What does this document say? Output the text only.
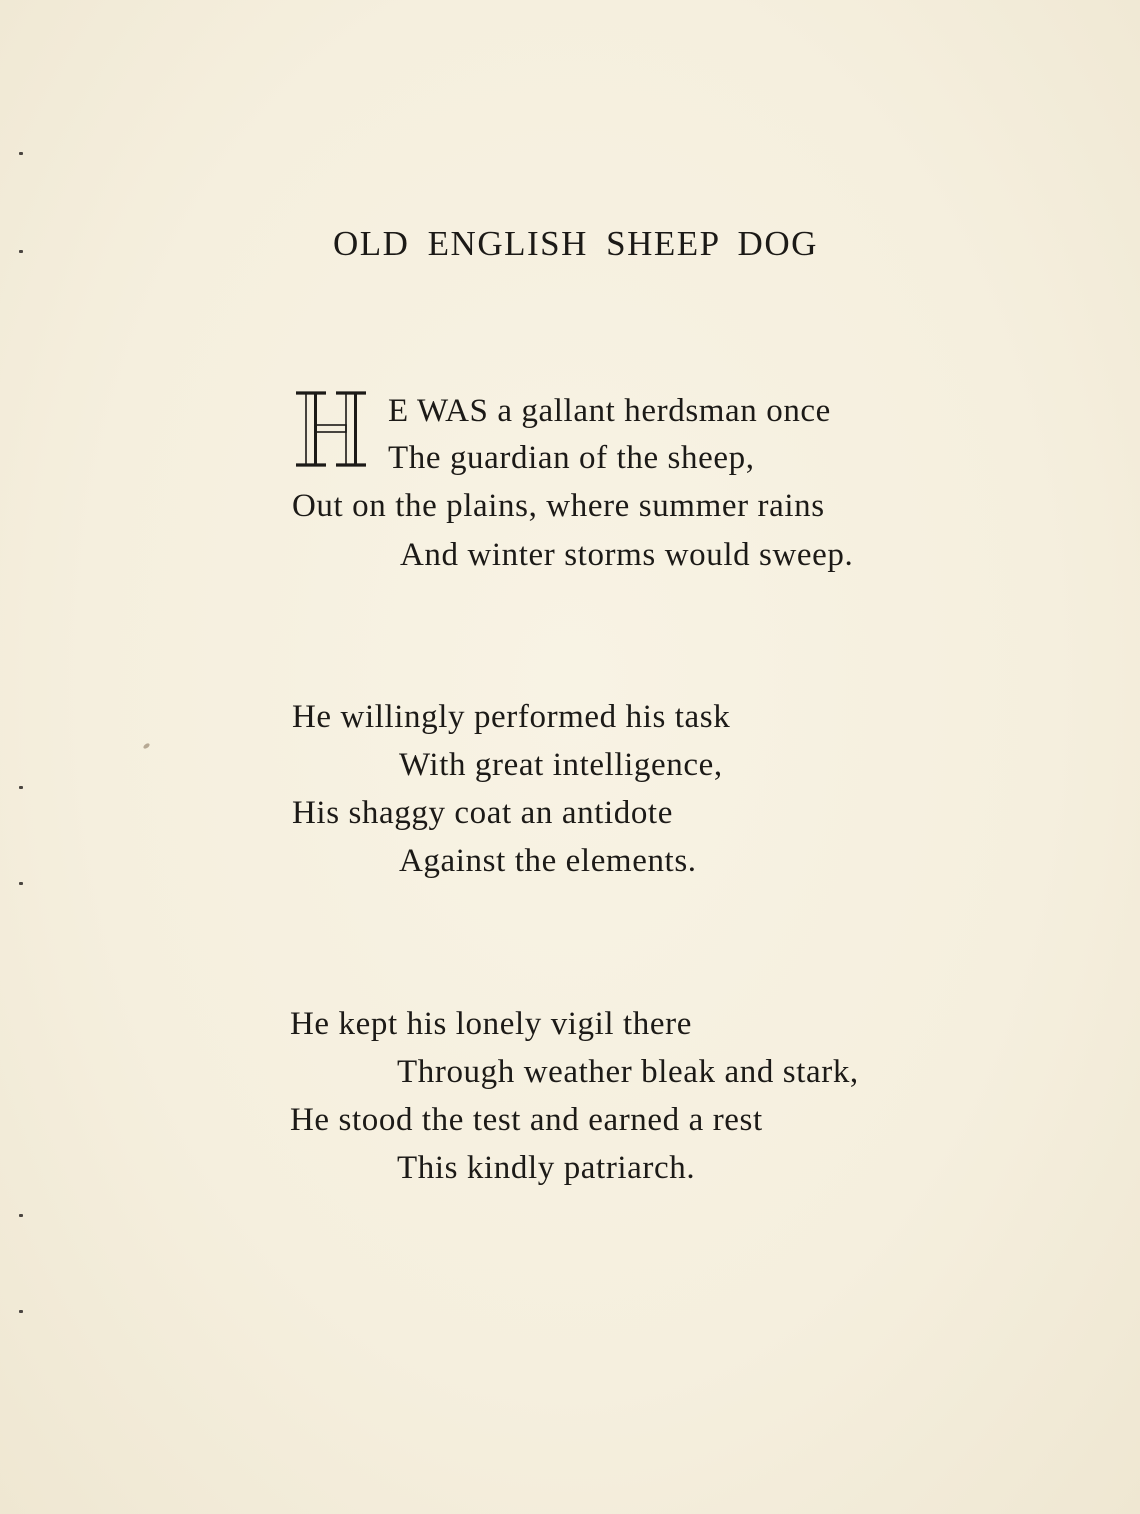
OLD ENGLISH SHEEP DOG
E WAS a gallant herdsman once
The guardian of the sheep,
Out on the plains, where summer rains
And winter storms would sweep.
He willingly performed his task
With great intelligence,
His shaggy coat an antidote
Against the elements.
He kept his lonely vigil there
Through weather bleak and stark,
He stood the test and earned a rest
This kindly patriarch.
